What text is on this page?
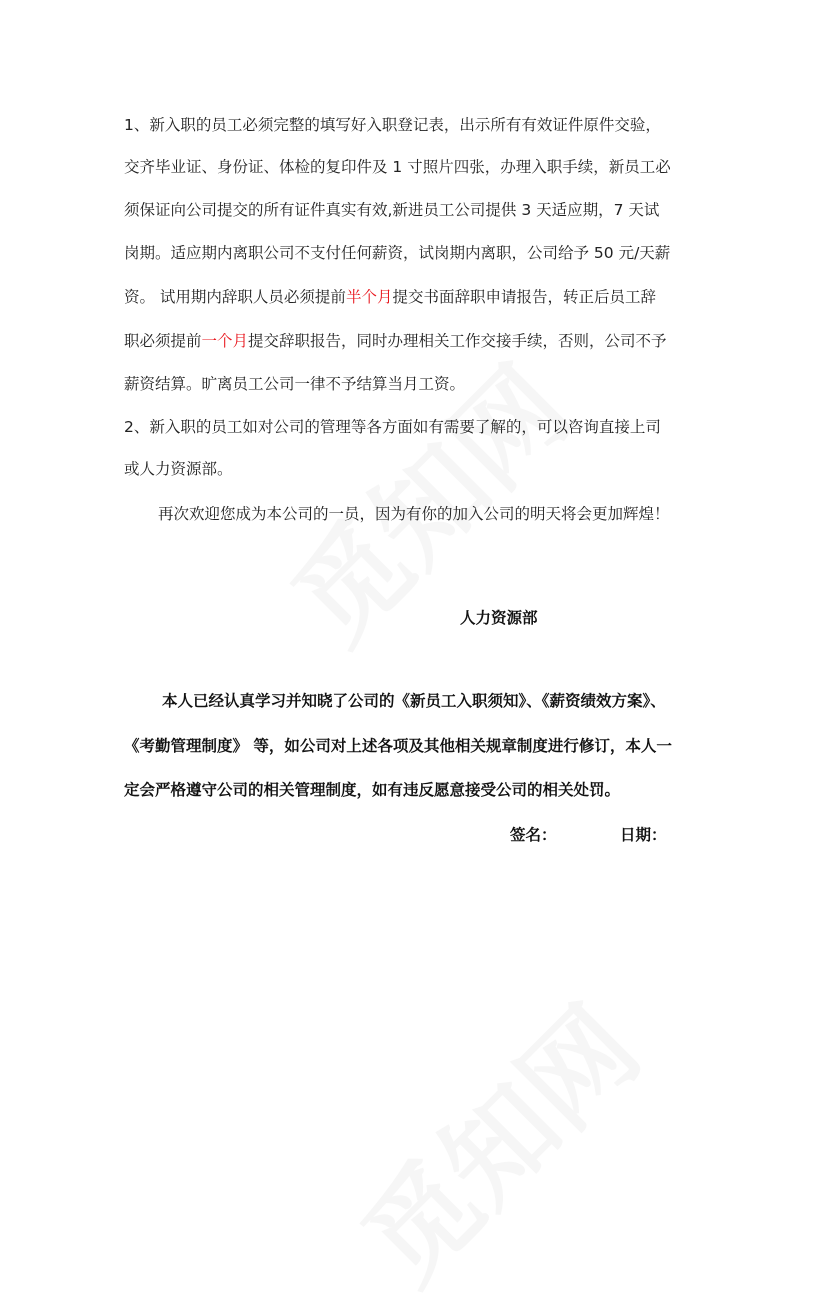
1、新入职的员工必须完整的填写好入职登记表，出示所有有效证件原件交验，
交齐毕业证、身份证、体检的复印件及 1 寸照片四张，办理入职手续，新员工必
须保证向公司提交的所有证件真实有效,新进员工公司提供 3 天适应期，7 天试
岗期。适应期内离职公司不支付任何薪资，试岗期内离职，公司给予 50 元/天薪
资。 试用期内辞职人员必须提前半个月提交书面辞职申请报告，转正后员工辞
职必须提前一个月提交辞职报告，同时办理相关工作交接手续，否则，公司不予
薪资结算。旷离员工公司一律不予结算当月工资。
2、新入职的员工如对公司的管理等各方面如有需要了解的，可以咨询直接上司
或人力资源部。
再次欢迎您成为本公司的一员，因为有你的加入公司的明天将会更加辉煌！
人力资源部
本人已经认真学习并知晓了公司的《新员工入职须知》、《薪资绩效方案》、
《考勤管理制度》 等，如公司对上述各项及其他相关规章制度进行修订，本人一
定会严格遵守公司的相关管理制度，如有违反愿意接受公司的相关处罚。
签名：	日期：
